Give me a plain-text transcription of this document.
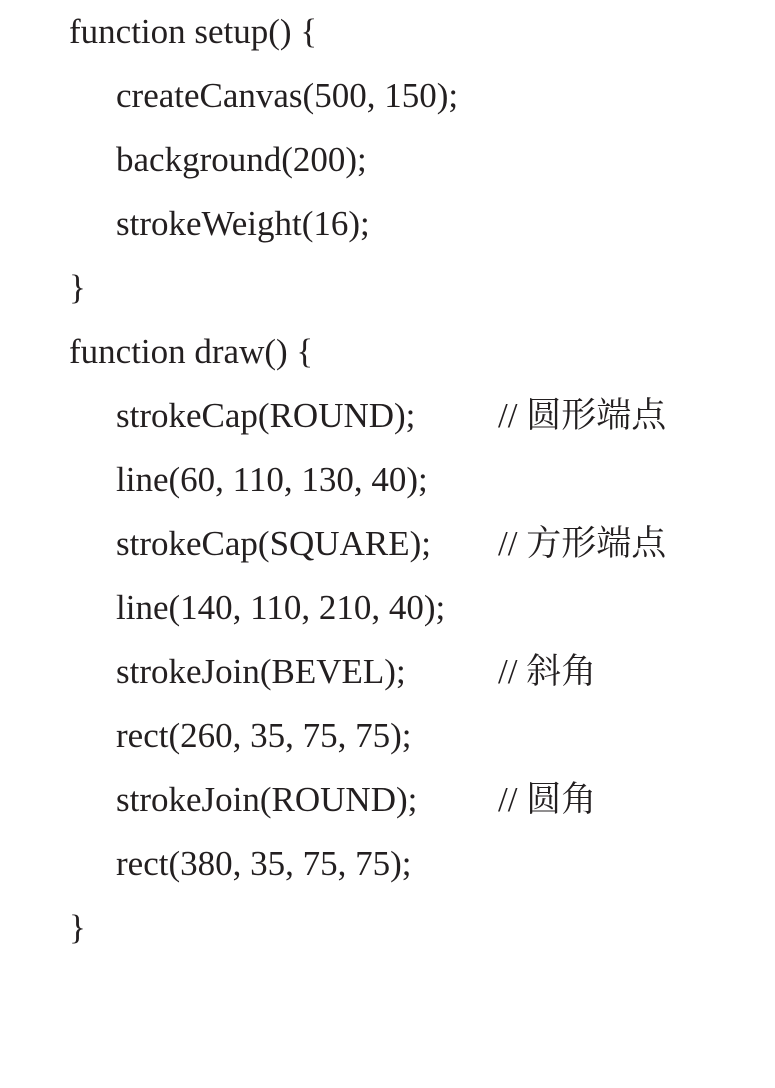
function setup() {

createCanvas(500, 150);

background(200);

strokeWeight(16);

}

function draw() {

strokeCap(ROUND);

// 圆形端点

line(60, 110, 130, 40);

strokeCap(SQUARE);

// 方形端点

line(140, 110, 210, 40);

strokeJoin(BEVEL);

	// 斜角

rect(260, 35, 75, 75);

strokeJoin(ROUND);

// 圆角

rect(380, 35, 75, 75);

}
